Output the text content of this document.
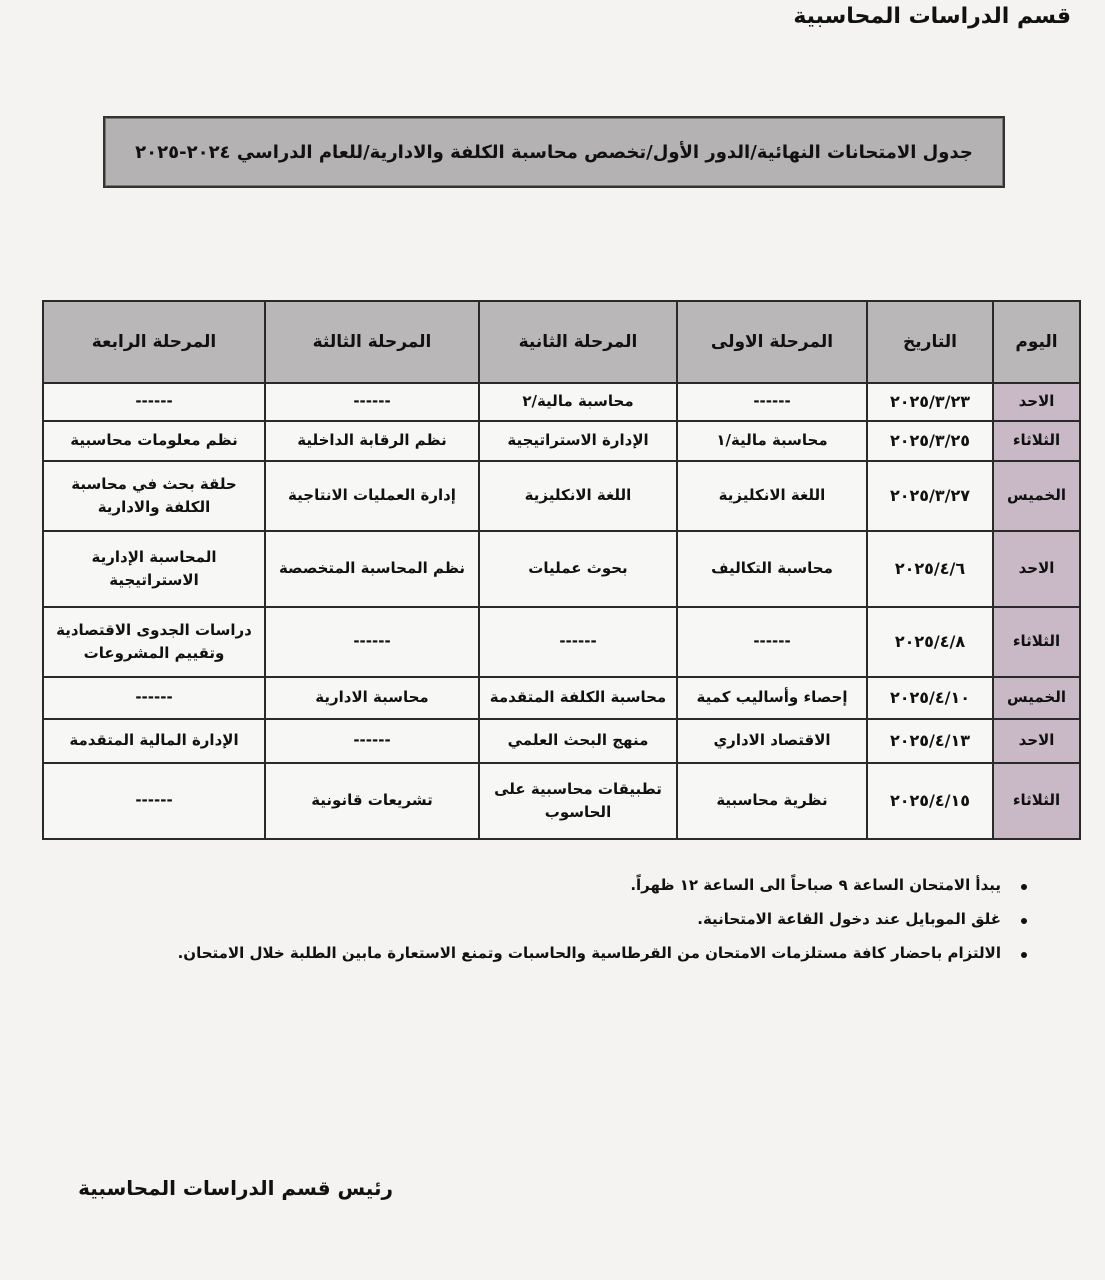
قسم الدراسات المحاسبية
جدول الامتحانات النهائية/الدور الأول/تخصص محاسبة الكلفة والادارية/للعام الدراسي ٢٠٢٤-٢٠٢٥
اليوم	التاريخ	المرحلة الاولى	المرحلة الثانية	المرحلة الثالثة	المرحلة الرابعة
الاحد	٢٠٢٥/٣/٢٣	------	محاسبة مالية/٢	------	------
الثلاثاء	٢٠٢٥/٣/٢٥	محاسبة مالية/١	الإدارة الاستراتيجية	نظم الرقابة الداخلية	نظم معلومات محاسبية
الخميس	٢٠٢٥/٣/٢٧	اللغة الانكليزية	اللغة الانكليزية	إدارة العمليات الانتاجية	حلقة بحث في محاسبة الكلفة والادارية
الاحد	٢٠٢٥/٤/٦	محاسبة التكاليف	بحوث عمليات	نظم المحاسبة المتخصصة	المحاسبة الإدارية الاستراتيجية
الثلاثاء	٢٠٢٥/٤/٨	------	------	------	دراسات الجدوى الاقتصادية وتقييم المشروعات
الخميس	٢٠٢٥/٤/١٠	إحصاء وأساليب كمية	محاسبة الكلفة المتقدمة	محاسبة الادارية	------
الاحد	٢٠٢٥/٤/١٣	الاقتصاد الاداري	منهج البحث العلمي	------	الإدارة المالية المتقدمة
الثلاثاء	٢٠٢٥/٤/١٥	نظرية محاسبية	تطبيقات محاسبية على الحاسوب	تشريعات قانونية	------
يبدأ الامتحان الساعة ٩ صباحاً الى الساعة ١٢ ظهراً.
غلق الموبايل عند دخول القاعة الامتحانية.
الالتزام باحضار كافة مستلزمات الامتحان من القرطاسية والحاسبات وتمنع الاستعارة مابين الطلبة خلال الامتحان.
رئيس قسم الدراسات المحاسبية
